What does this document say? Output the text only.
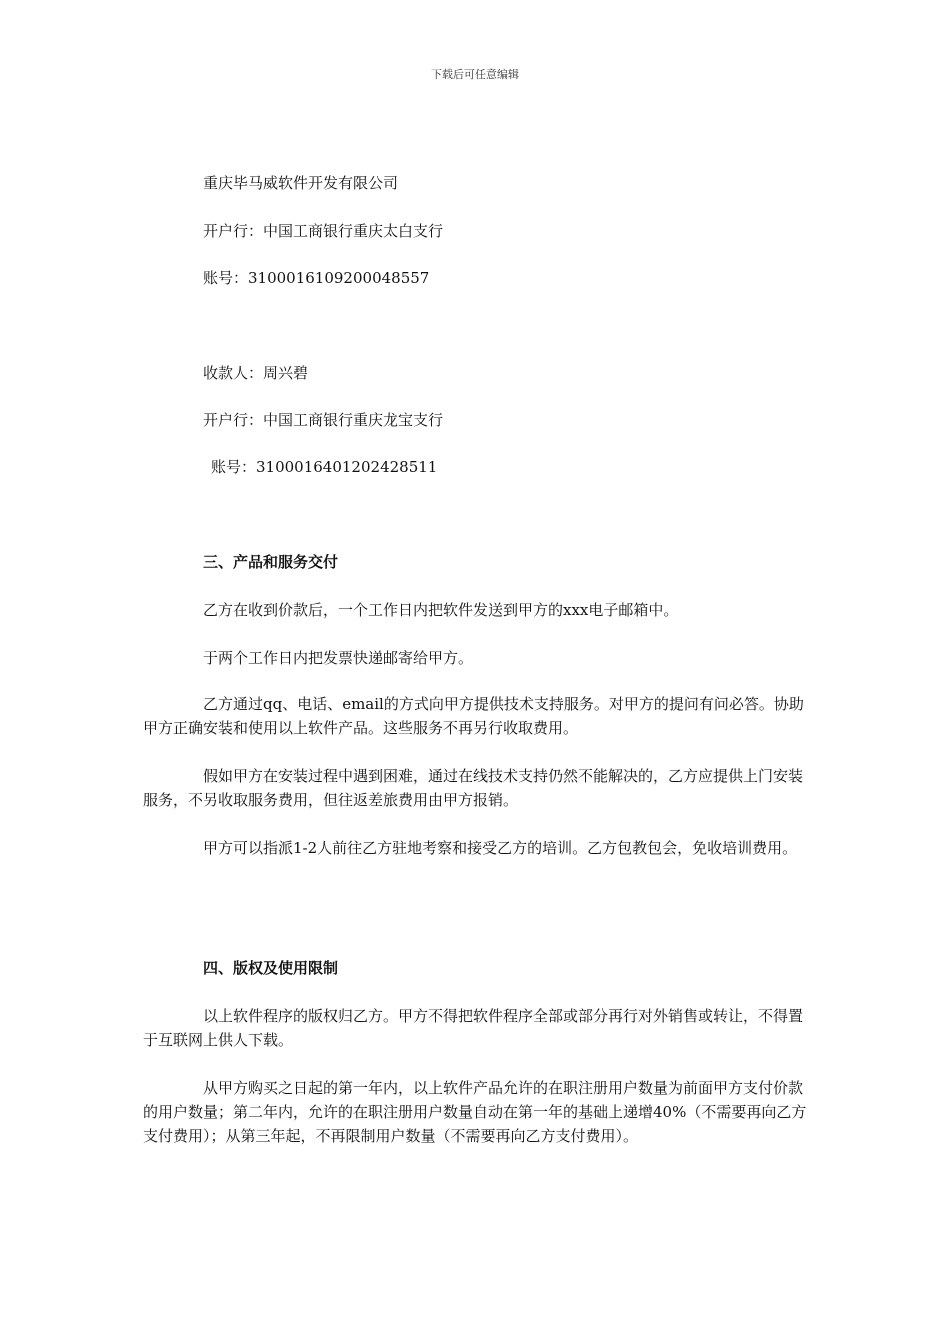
下载后可任意编辑
重庆毕马威软件开发有限公司
开户行：中国工商银行重庆太白支行
账号：3100016109200048557
收款人：周兴碧
开户行：中国工商银行重庆龙宝支行
账号：3100016401202428511
三、产品和服务交付
乙方在收到价款后，一个工作日内把软件发送到甲方的xxx电子邮箱中。
于两个工作日内把发票快递邮寄给甲方。
乙方通过qq、电话、email的方式向甲方提供技术支持服务。对甲方的提问有问必答。协助甲方正确安装和使用以上软件产品。这些服务不再另行收取费用。
假如甲方在安装过程中遇到困难，通过在线技术支持仍然不能解决的，乙方应提供上门安装服务，不另收取服务费用，但往返差旅费用由甲方报销。
甲方可以指派1-2人前往乙方驻地考察和接受乙方的培训。乙方包教包会，免收培训费用。
四、版权及使用限制
以上软件程序的版权归乙方。甲方不得把软件程序全部或部分再行对外销售或转让，不得置于互联网上供人下载。
从甲方购买之日起的第一年内，以上软件产品允许的在职注册用户数量为前面甲方支付价款的用户数量；第二年内，允许的在职注册用户数量自动在第一年的基础上递增40%（不需要再向乙方支付费用）；从第三年起，不再限制用户数量（不需要再向乙方支付费用）。
